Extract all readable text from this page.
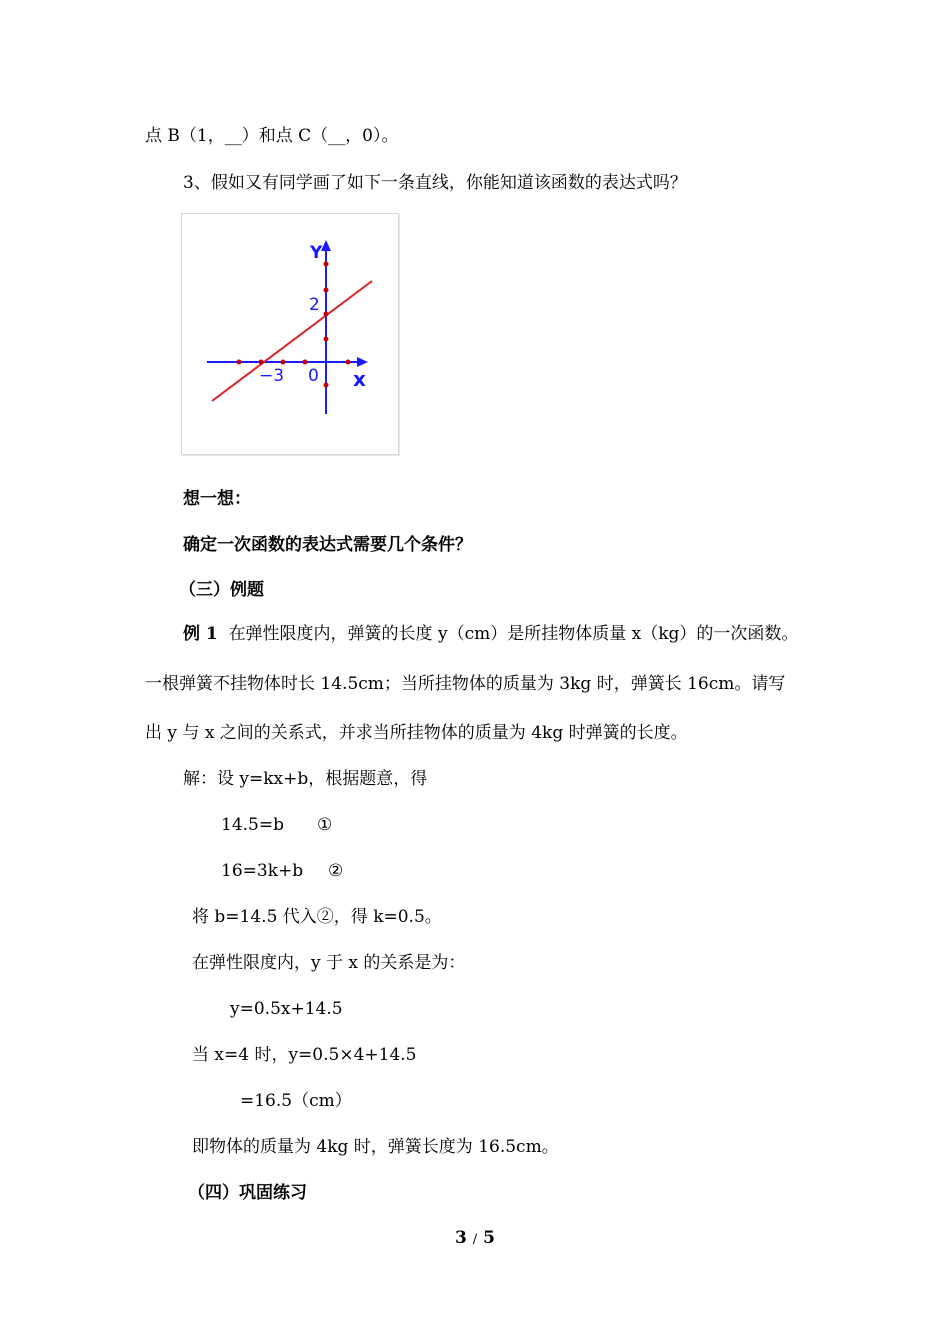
点 B（1，__）和点 C（__，0）。
3、假如又有同学画了如下一条直线，你能知道该函数的表达式吗？
Y
2
−3 0 x
想一想：
确定一次函数的表达式需要几个条件？
（三）例题
例 1 在弹性限度内，弹簧的长度 y（cm）是所挂物体质量 x（kg）的一次函数。
一根弹簧不挂物体时长 14.5cm；当所挂物体的质量为 3kg 时，弹簧长 16cm。请写
出 y 与 x 之间的关系式，并求当所挂物体的质量为 4kg 时弹簧的长度。
解：设 y=kx+b，根据题意，得
14.5=b ①
16=3k+b ②
将 b=14.5 代入②，得 k=0.5。
在弹性限度内，y 于 x 的关系是为：
y=0.5x+14.5
当 x=4 时，y=0.5×4+14.5
=16.5（cm）
即物体的质量为 4kg 时，弹簧长度为 16.5cm。
（四）巩固练习
3 / 5
